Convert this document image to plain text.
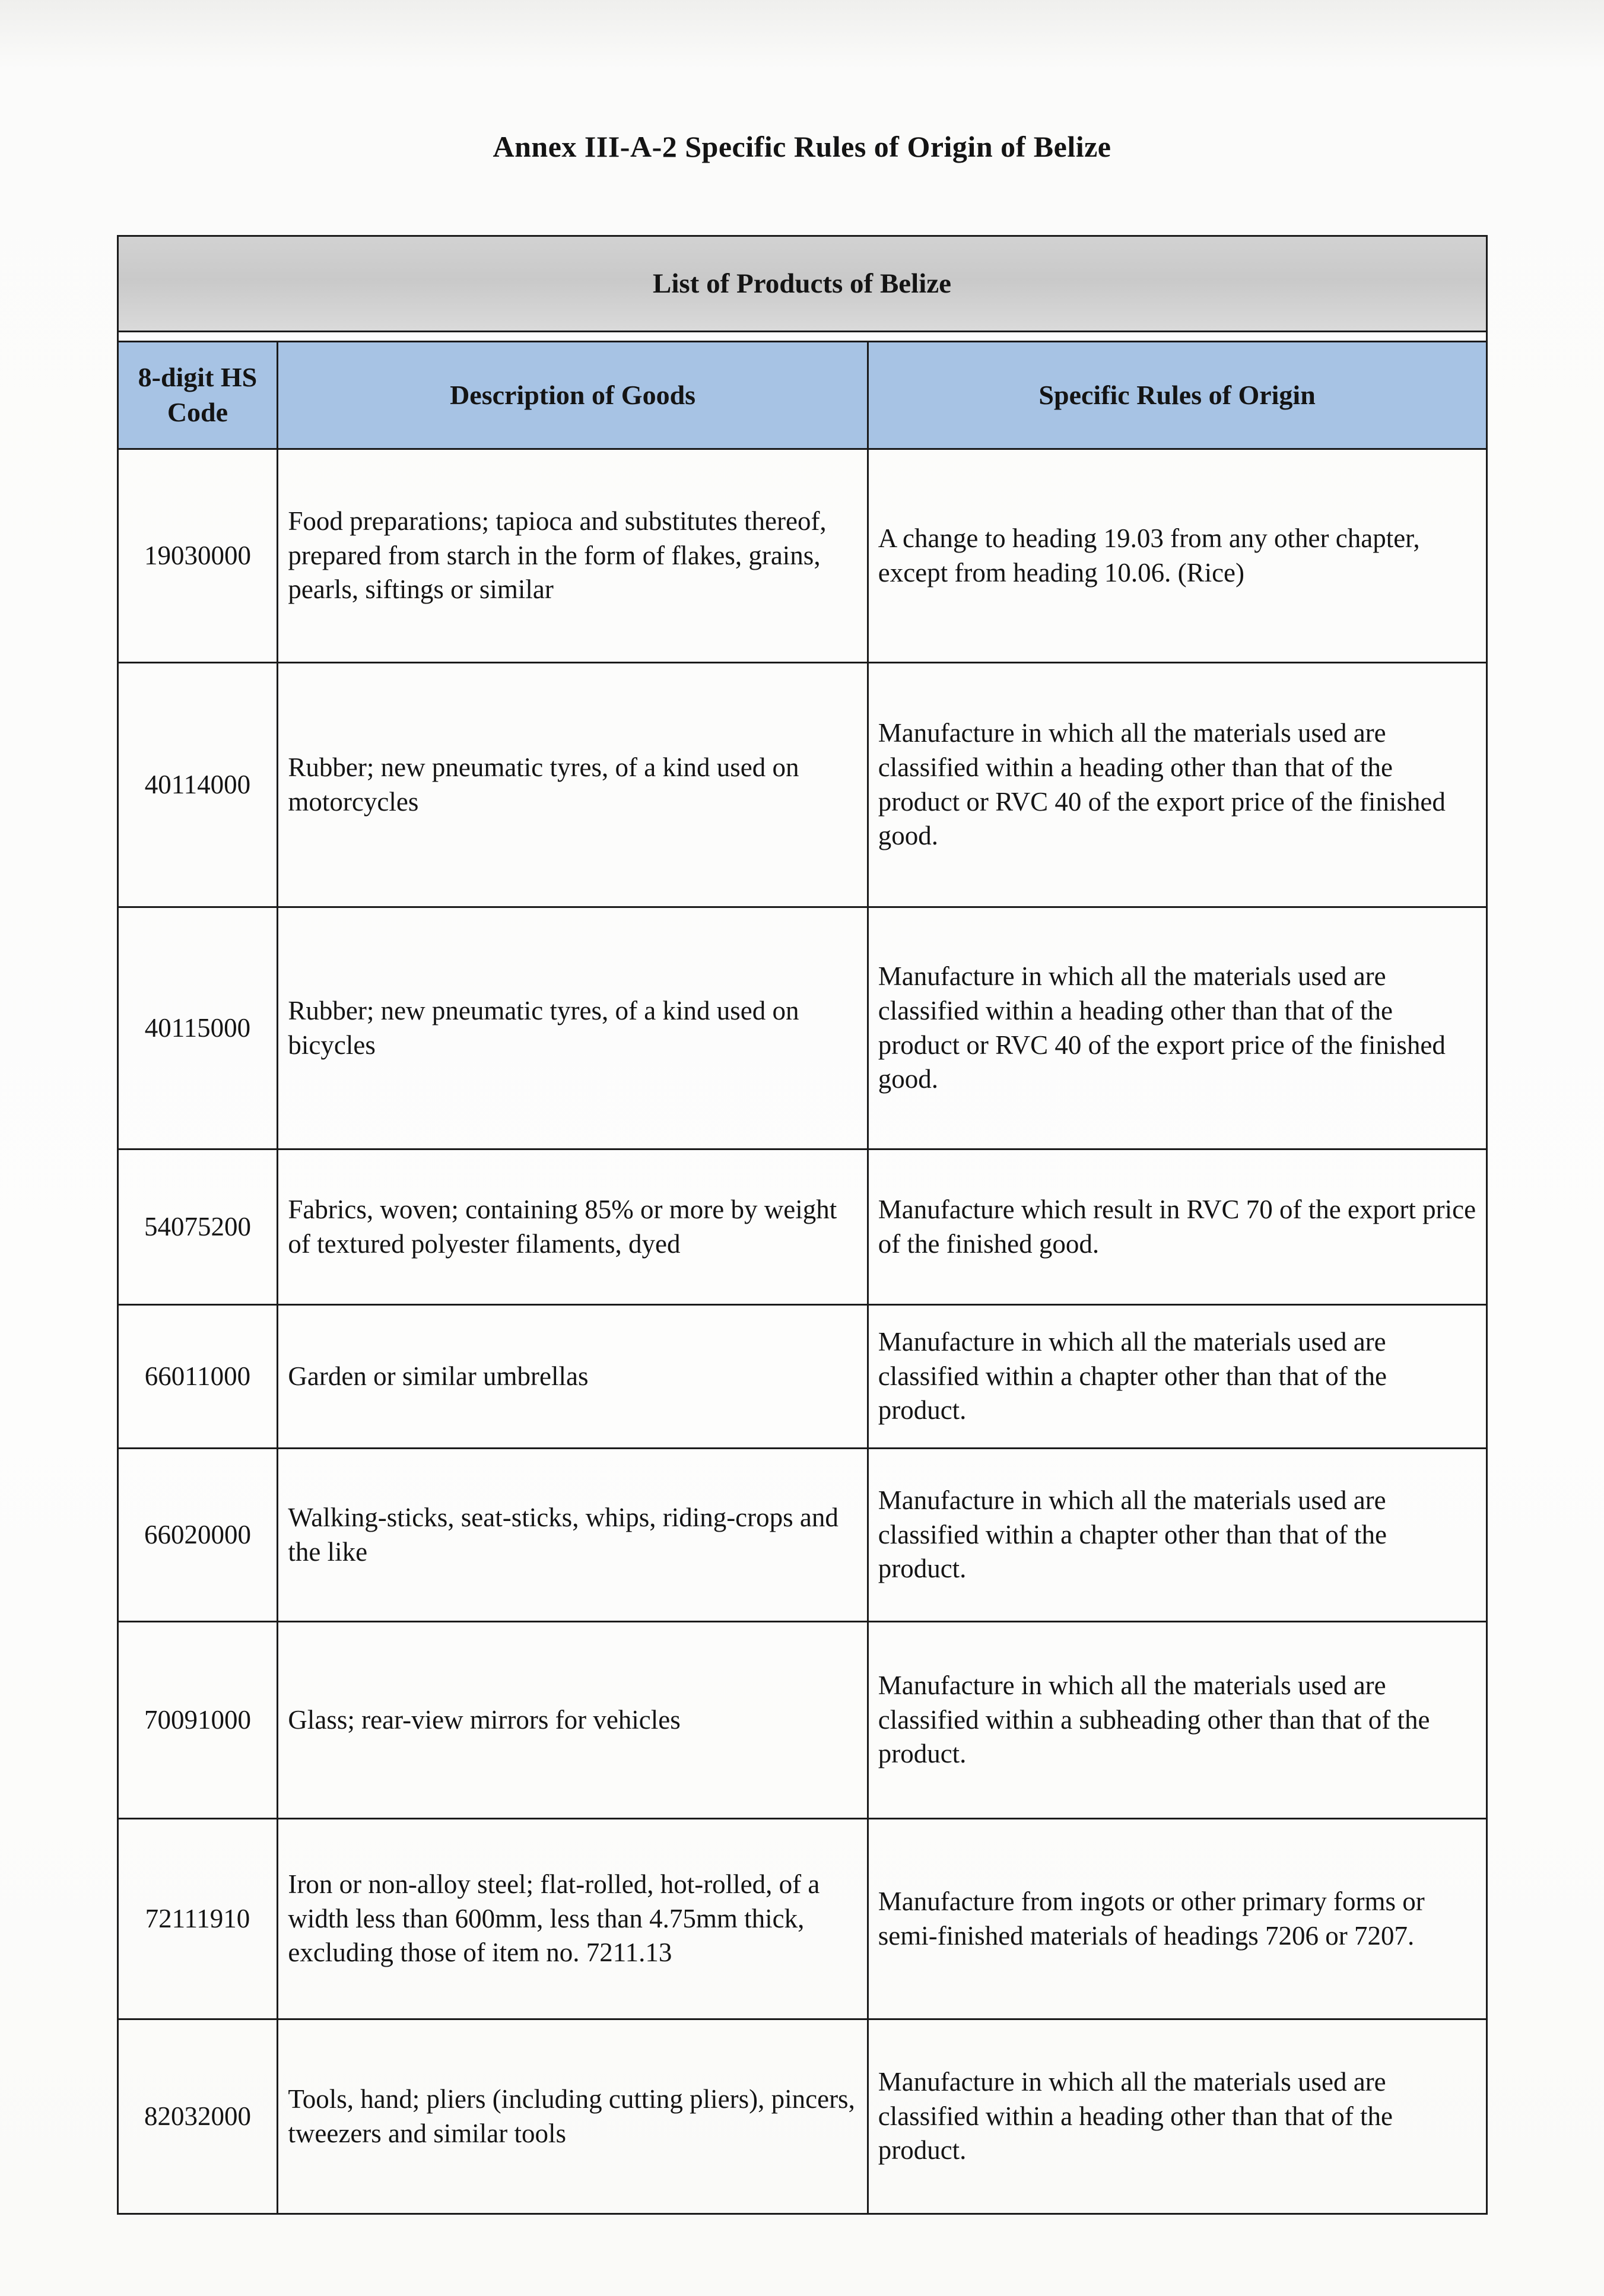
Annex III-A-2 Specific Rules of Origin of Belize
List of Products of Belize		

8-digit HS Code	Description of Goods	Specific Rules of Origin
19030000	Food preparations; tapioca and substitutes thereof, prepared from starch in the form of flakes, grains, pearls, siftings or similar	A change to heading 19.03 from any other chapter, except from heading 10.06. (Rice)
40114000	Rubber; new pneumatic tyres, of a kind used on motorcycles	Manufacture in which all the materials used are classified within a heading other than that of the product or RVC 40 of the export price of the finished good.
40115000	Rubber; new pneumatic tyres, of a kind used on bicycles	Manufacture in which all the materials used are classified within a heading other than that of the product or RVC 40 of the export price of the finished good.
54075200	Fabrics, woven; containing 85% or more by weight of textured polyester filaments, dyed	Manufacture which result in RVC 70 of the export price of the finished good.
66011000	Garden or similar umbrellas	Manufacture in which all the materials used are classified within a chapter other than that of the product.
66020000	Walking-sticks, seat-sticks, whips, riding-crops and the like	Manufacture in which all the materials used are classified within a chapter other than that of the product.
70091000	Glass; rear-view mirrors for vehicles	Manufacture in which all the materials used are classified within a subheading other than that of the product.
72111910	Iron or non-alloy steel; flat-rolled, hot-rolled, of a width less than 600mm, less than 4.75mm thick, excluding those of item no. 7211.13	Manufacture from ingots or other primary forms or semi-finished materials of headings 7206 or 7207.
82032000	Tools, hand; pliers (including cutting pliers), pincers, tweezers and similar tools	Manufacture in which all the materials used are classified within a heading other than that of the product.
